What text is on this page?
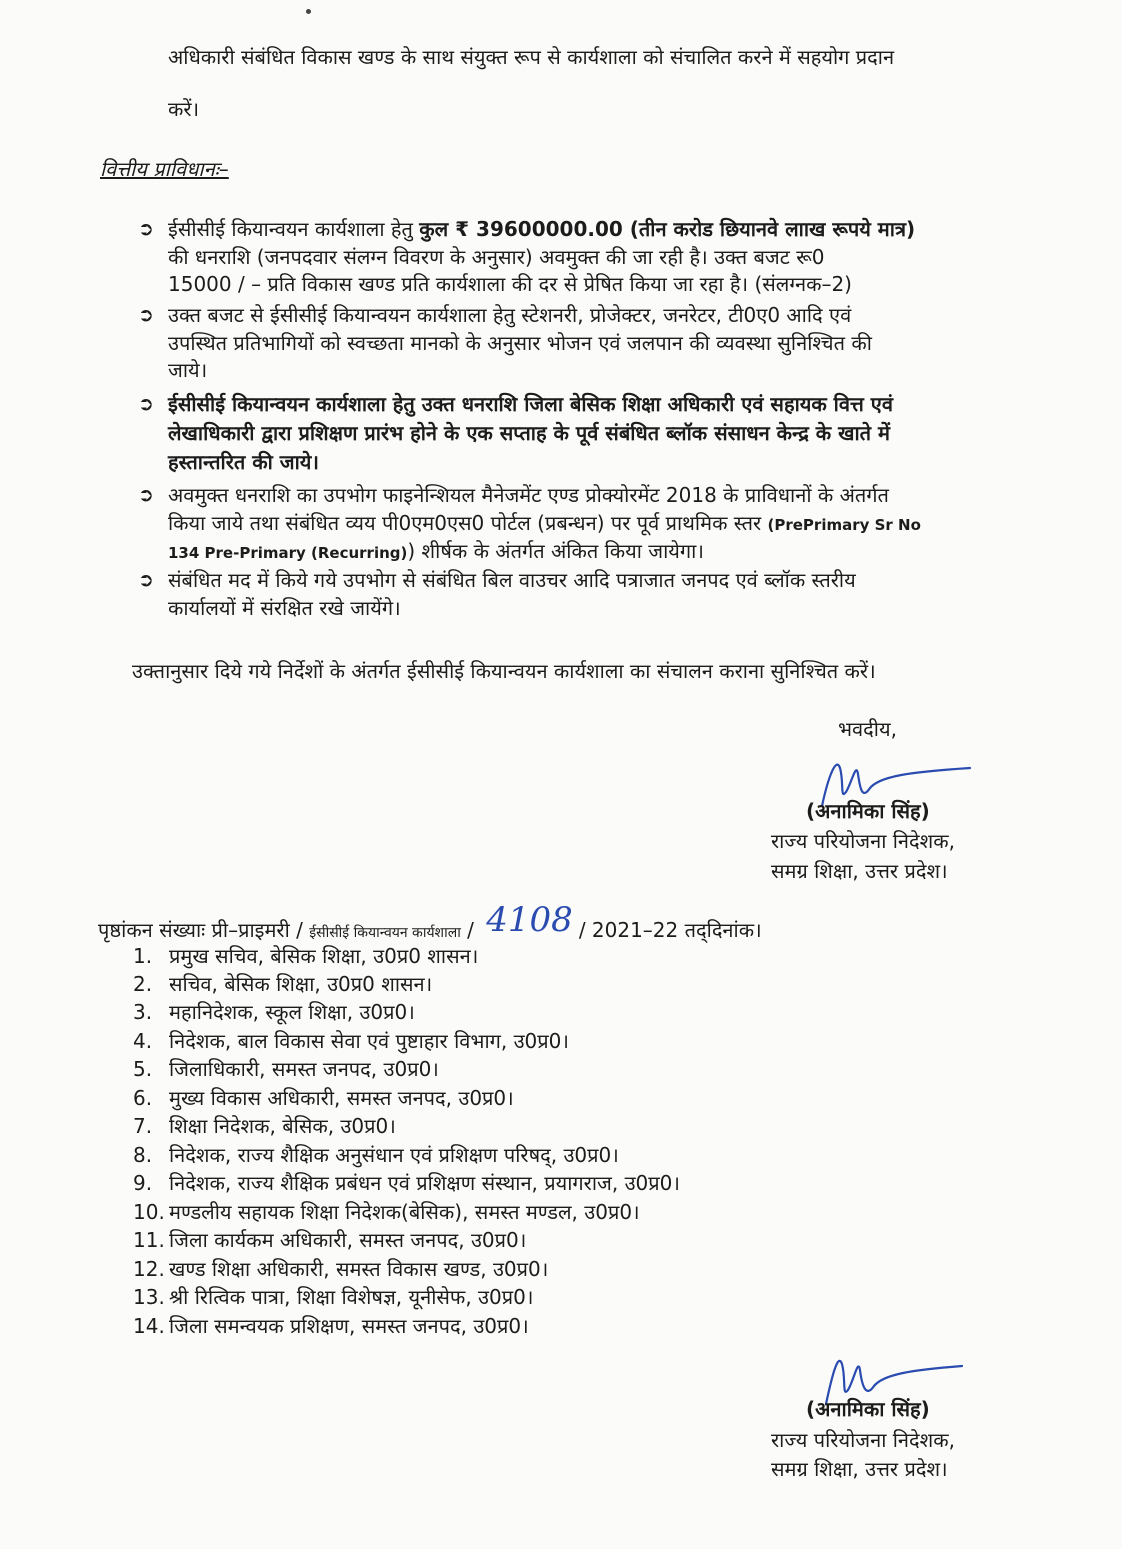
अधिकारी संबंधित विकास खण्ड के साथ संयुक्त रूप से कार्यशाला को संचालित करने में सहयोग प्रदान
करें।
वित्तीय प्राविधानः–
➲ ईसीसीई कियान्वयन कार्यशाला हेतु कुल ₹ 39600000.00 (तीन करोड छियानवे लााख रूपये मात्र)
की धनराशि (जनपदवार संलग्न विवरण के अनुसार) अवमुक्त की जा रही है। उक्त बजट रू0
15000 / – प्रति विकास खण्ड प्रति कार्यशाला की दर से प्रेषित किया जा रहा है। (संलग्नक–2)
➲ उक्त बजट से ईसीसीई कियान्वयन कार्यशाला हेतु स्टेशनरी, प्रोजेक्टर, जनरेटर, टी0ए0 आदि एवं
उपस्थित प्रतिभागियों को स्वच्छता मानको के अनुसार भोजन एवं जलपान की व्यवस्था सुनिश्चित की
जाये।
➲ ईसीसीई कियान्वयन कार्यशाला हेतु उक्त धनराशि जिला बेसिक शिक्षा अधिकारी एवं सहायक वित्त एवं
लेखाधिकारी द्वारा प्रशिक्षण प्रारंभ होने के एक सप्ताह के पूर्व संबंधित ब्लॉक संसाधन केन्द्र के खाते में
हस्तान्तरित की जाये।
➲ अवमुक्त धनराशि का उपभोग फाइनेन्शियल मैनेजमेंट एण्ड प्रोक्योरमेंट 2018 के प्राविधानों के अंतर्गत
किया जाये तथा संबंधित व्यय पी0एम0एस0 पोर्टल (प्रबन्धन) पर पूर्व प्राथमिक स्तर (PrePrimary Sr No
134 Pre-Primary (Recurring)) शीर्षक के अंतर्गत अंकित किया जायेगा।
➲ संबंधित मद में किये गये उपभोग से संबंधित बिल वाउचर आदि पत्राजात जनपद एवं ब्लॉक स्तरीय
कार्यालयों में संरक्षित रखे जायेंगे।
उक्तानुसार दिये गये निर्देशों के अंतर्गत ईसीसीई कियान्वयन कार्यशाला का संचालन कराना सुनिश्चित करें।
भवदीय,
(अनामिका सिंह)
राज्य परियोजना निदेशक,
समग्र शिक्षा, उत्तर प्रदेश।
पृष्ठांकन संख्याः प्री–प्राइमरी / ईसीसीई कियान्वयन कार्यशाला / 4108 / 2021–22 तद्‌दिनांक।
1. प्रमुख सचिव, बेसिक शिक्षा, उ0प्र0 शासन।
2. सचिव, बेसिक शिक्षा, उ0प्र0 शासन।
3. महानिदेशक, स्कूल शिक्षा, उ0प्र0।
4. निदेशक, बाल विकास सेवा एवं पुष्टाहार विभाग, उ0प्र0।
5. जिलाधिकारी, समस्त जनपद, उ0प्र0।
6. मुख्य विकास अधिकारी, समस्त जनपद, उ0प्र0।
7. शिक्षा निदेशक, बेसिक, उ0प्र0।
8. निदेशक, राज्य शैक्षिक अनुसंधान एवं प्रशिक्षण परिषद्, उ0प्र0।
9. निदेशक, राज्य शैक्षिक प्रबंधन एवं प्रशिक्षण संस्थान, प्रयागराज, उ0प्र0।
10. मण्डलीय सहायक शिक्षा निदेशक(बेसिक), समस्त मण्डल, उ0प्र0।
11. जिला कार्यकम अधिकारी, समस्त जनपद, उ0प्र0।
12. खण्ड शिक्षा अधिकारी, समस्त विकास खण्ड, उ0प्र0।
13. श्री रित्विक पात्रा, शिक्षा विशेषज्ञ, यूनीसेफ, उ0प्र0।
14. जिला समन्वयक प्रशिक्षण, समस्त जनपद, उ0प्र0।
(अनामिका सिंह)
राज्य परियोजना निदेशक,
समग्र शिक्षा, उत्तर प्रदेश।
